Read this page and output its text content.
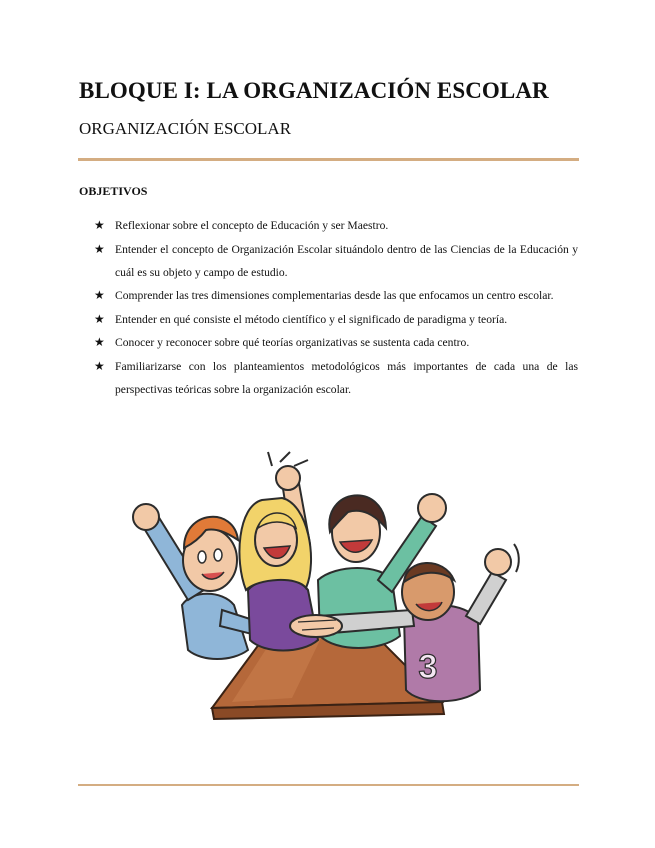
BLOQUE I: LA ORGANIZACIÓN ESCOLAR
ORGANIZACIÓN ESCOLAR
OBJETIVOS
★ Reflexionar sobre el concepto de Educación y ser Maestro.
★ Entender el concepto de Organización Escolar situándolo dentro de las Ciencias de la Educación y cuál es su objeto y campo de estudio.
★ Comprender las tres dimensiones complementarias desde las que enfocamos un centro escolar.
★ Entender en qué consiste el método científico y el significado de paradigma y teoría.
★ Conocer y reconocer sobre qué teorías organizativas se sustenta cada centro.
★ Familiarizarse con los planteamientos metodológicos más importantes de cada una de las perspectivas teóricas sobre la organización escolar.
3
